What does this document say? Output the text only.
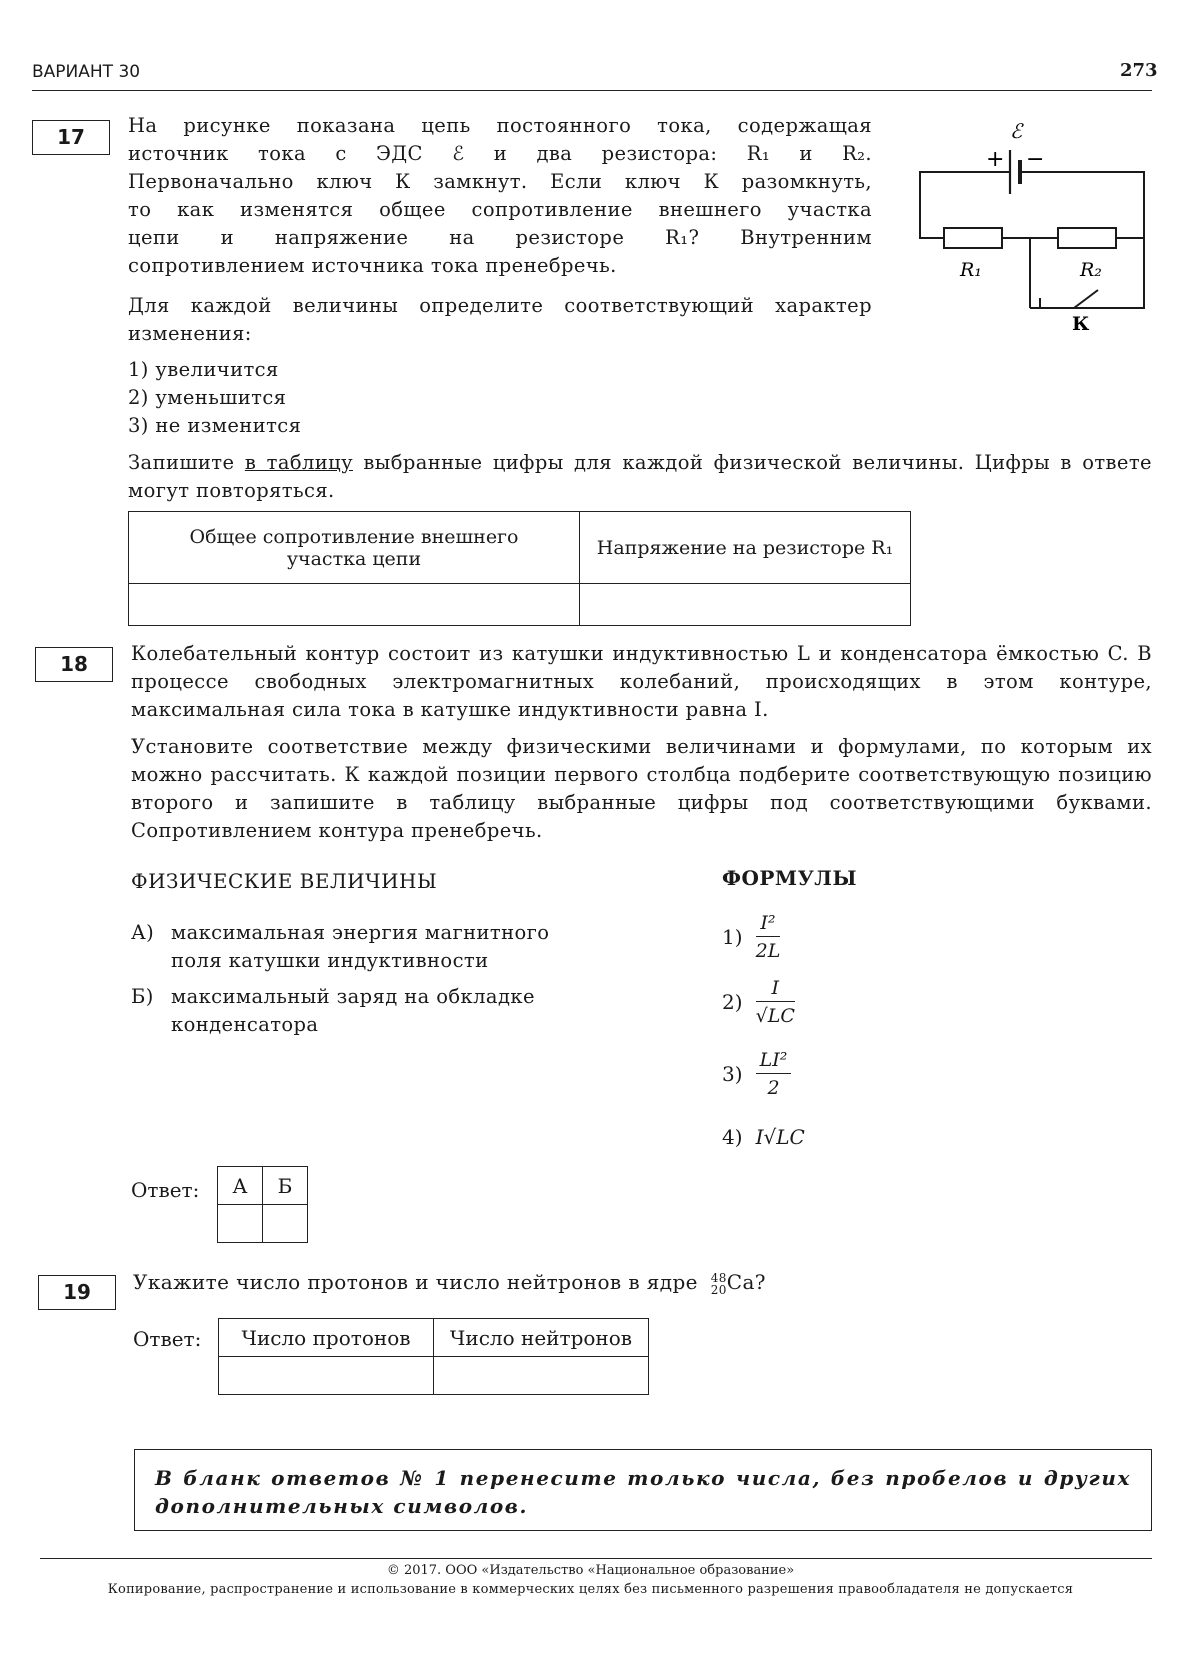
ВАРИАНТ 30	273
17	На рисунке показана цепь постоянного тока, содержащая
источник тока с ЭДС ℰ и два резистора: R₁ и R₂.
Первоначально ключ К замкнут. Если ключ К разомкнуть,
то как изменятся общее сопротивление внешнего участка
цепи и напряжение на резисторе R₁? Внутренним
сопротивлением источника тока пренебречь.
ℰ
+ −
R₁	R₂
К
Для каждой величины определите соответствующий характер изменения:
1) увеличится
2) уменьшится
3) не изменится
Запишите в таблицу выбранные цифры для каждой физической величины. Цифры в ответе могут повторяться.
Общее сопротивление внешнего участка цепи	Напряжение на резисторе R₁

18	Колебательный контур состоит из катушки индуктивностью L и конденсатора ёмкостью C. В процессе свободных электромагнитных колебаний, происходящих в этом контуре, максимальная сила тока в катушке индуктивности равна I.
Установите соответствие между физическими величинами и формулами, по которым их можно рассчитать. К каждой позиции первого столбца подберите соответствующую позицию второго и запишите в таблицу выбранные цифры под соответствующими буквами. Сопротивлением контура пренебречь.
ФИЗИЧЕСКИЕ ВЕЛИЧИНЫ	ФОРМУЛЫ
А) максимальная энергия магнитного поля катушки индуктивности
Б) максимальный заряд на обкладке конденсатора
$1) \frac{\text{I²}}{2L}$
$2) \frac{I}{√LC}$
$3) \frac{\text{LI²}}{2}$
4) I√LC
Ответ: А	Б

19	Укажите число протонов и число нейтронов в ядре 48
20 Ca?
Ответ: Число протонов	Число нейтронов

В бланк ответов № 1 перенесите только числа, без пробелов и других дополнительных символов.
© 2017. ООО «Издательство «Национальное образование»
Копирование, распространение и использование в коммерческих целях без письменного разрешения правообладателя не допускается
